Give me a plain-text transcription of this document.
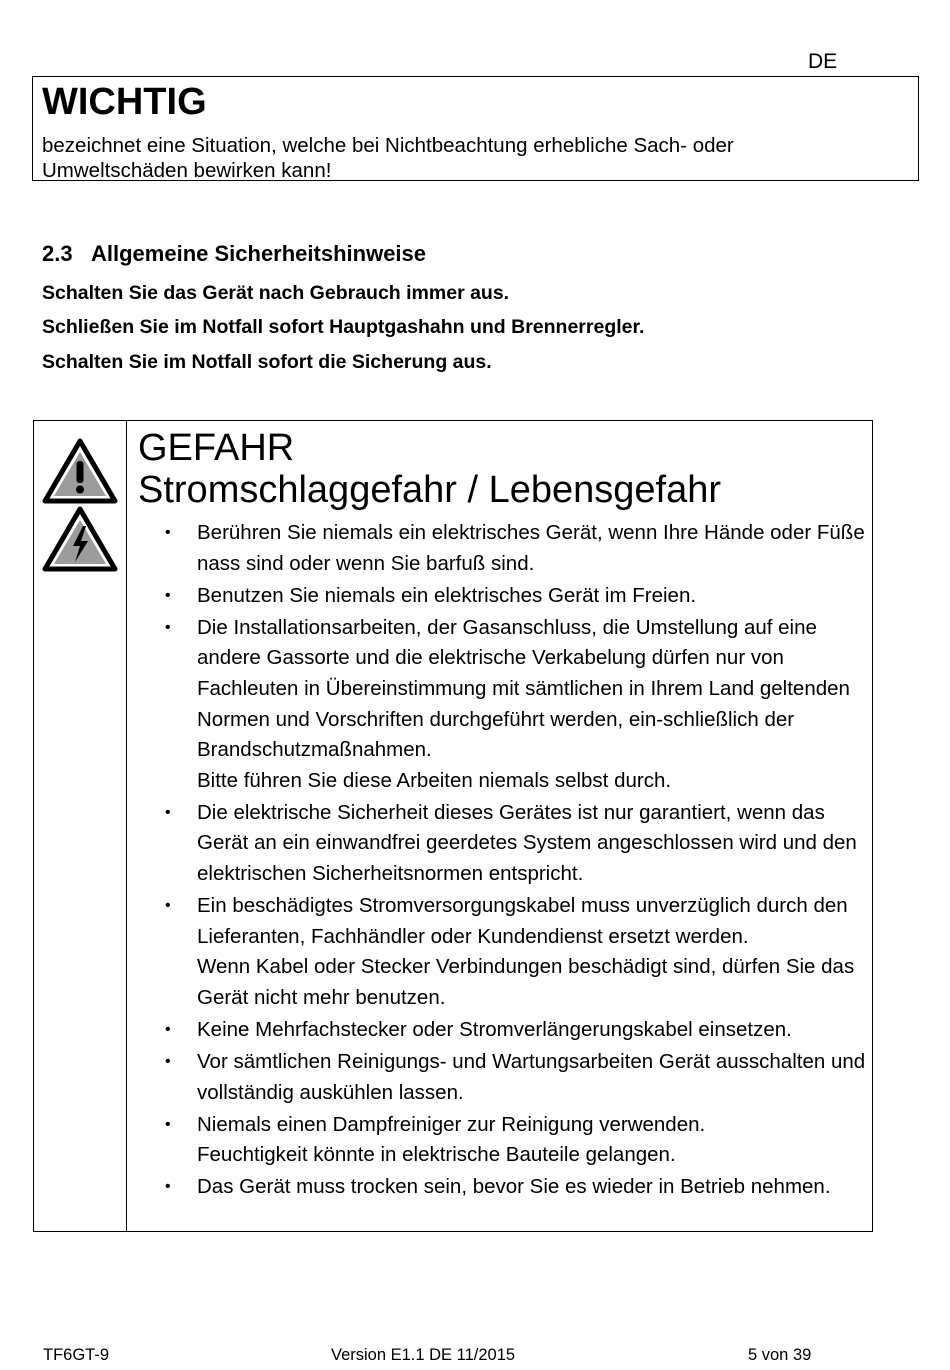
DE
WICHTIG
bezeichnet eine Situation, welche bei Nichtbeachtung erhebliche Sach- oder Umweltschäden bewirken kann!
2.3 Allgemeine Sicherheitshinweise
Schalten Sie das Gerät nach Gebrauch immer aus.
Schließen Sie im Notfall sofort Hauptgashahn und Brennerregler.
Schalten Sie im Notfall sofort die Sicherung aus.
GEFAHR
Stromschlaggefahr / Lebensgefahr
• Berühren Sie niemals ein elektrisches Gerät, wenn Ihre Hände oder Füße nass sind oder wenn Sie barfuß sind.
• Benutzen Sie niemals ein elektrisches Gerät im Freien.
• Die Installationsarbeiten, der Gasanschluss, die Umstellung auf eine andere Gassorte und die elektrische Verkabelung dürfen nur von Fachleuten in Übereinstimmung mit sämtlichen in Ihrem Land geltenden Normen und Vorschriften durchgeführt werden, ein-schließlich der Brandschutzmaßnahmen.
Bitte führen Sie diese Arbeiten niemals selbst durch.
• Die elektrische Sicherheit dieses Gerätes ist nur garantiert, wenn das Gerät an ein einwandfrei geerdetes System angeschlossen wird und den elektrischen Sicherheitsnormen entspricht.
• Ein beschädigtes Stromversorgungskabel muss unverzüglich durch den Lieferanten, Fachhändler oder Kundendienst ersetzt werden.
Wenn Kabel oder Stecker Verbindungen beschädigt sind, dürfen Sie das Gerät nicht mehr benutzen.
• Keine Mehrfachstecker oder Stromverlängerungskabel einsetzen.
• Vor sämtlichen Reinigungs- und Wartungsarbeiten Gerät ausschalten und vollständig auskühlen lassen.
• Niemals einen Dampfreiniger zur Reinigung verwenden.
Feuchtigkeit könnte in elektrische Bauteile gelangen.
• Das Gerät muss trocken sein, bevor Sie es wieder in Betrieb nehmen.
TF6GT-9	Version E1.1 DE 11/2015	5 von 39
